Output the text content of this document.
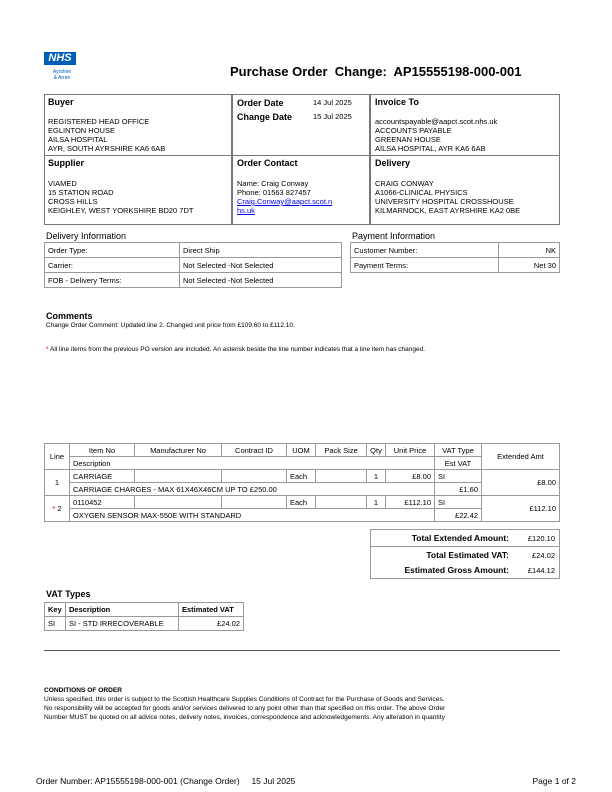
NHS
Ayrshire
& Arran	Purchase Order  Change:  AP15555198-000-001
Buyer
REGISTERED HEAD OFFICE
EGLINTON HOUSE
AILSA HOSPITAL
AYR, SOUTH AYRSHIRE KA6 6AB
Order Date	14 Jul 2025
Change Date	15 Jul 2025
Invoice To
accountspayable@aapct.scot.nhs.uk
ACCOUNTS PAYABLE
GREENAN HOUSE
AILSA HOSPITAL, AYR KA6 6AB
Supplier
VIAMED
15 STATION ROAD
CROSS HILLS
KEIGHLEY, WEST YORKSHIRE BD20 7DT
Order Contact
Name: Craig Conway
Phone: 01563 827457
Craig.Conway@aapct.scot.n
hs.uk
Delivery
CRAIG CONWAY
A1066-CLINICAL PHYSICS
UNIVERSITY HOSPITAL CROSSHOUSE
KILMARNOCK, EAST AYRSHIRE KA2 0BE
Delivery Information
Order Type:	Direct Ship
Carrier:	Not Selected -Not Selected
FOB - Delivery Terms:	Not Selected -Not Selected
Payment Information
Customer Number:	NK
Payment Terms:	Net 30
Comments
Change Order Comment: Updated line 2. Changed unit price from £109.60 to £112.10.
* All line items from the previous PO version are included. An asterisk beside the line number indicates that a line item has changed.
Line	Item No	Manufacturer No	Contract ID	UOM	Pack Size	Qty	Unit Price	VAT Type	Extended Amt
	Description							Est VAT	
1	CARRIAGE			Each		1	£8.00	SI	£8.00
	CARRIAGE CHARGES - MAX 61X46X46CM UP TO £250.00							£1.60	
* 2	0110452			Each		1	£112.10	SI	£112.10
	OXYGEN SENSOR MAX-550E WITH STANDARD							£22.42	
Total Extended Amount:	£120.10
Total Estimated VAT:	£24.02
Estimated Gross Amount:	£144.12
VAT Types
Key	Description	Estimated VAT
SI	SI - STD IRRECOVERABLE	£24.02
CONDITIONS OF ORDER
Unless specified, this order is subject to the Scottish Healthcare Supplies Conditions of Contract for the Purchase of Goods and Services.
No responsibility will be accepted for goods and/or services delivered to any point other than that specified on this order. The above Order
Number MUST be quoted on all advice notes, delivery notes, invoices, correspondence and acknowledgements. Any alteration in quantity
Order Number: AP15555198-000-001 (Change Order)     15 Jul 2025	Page 1 of 2
